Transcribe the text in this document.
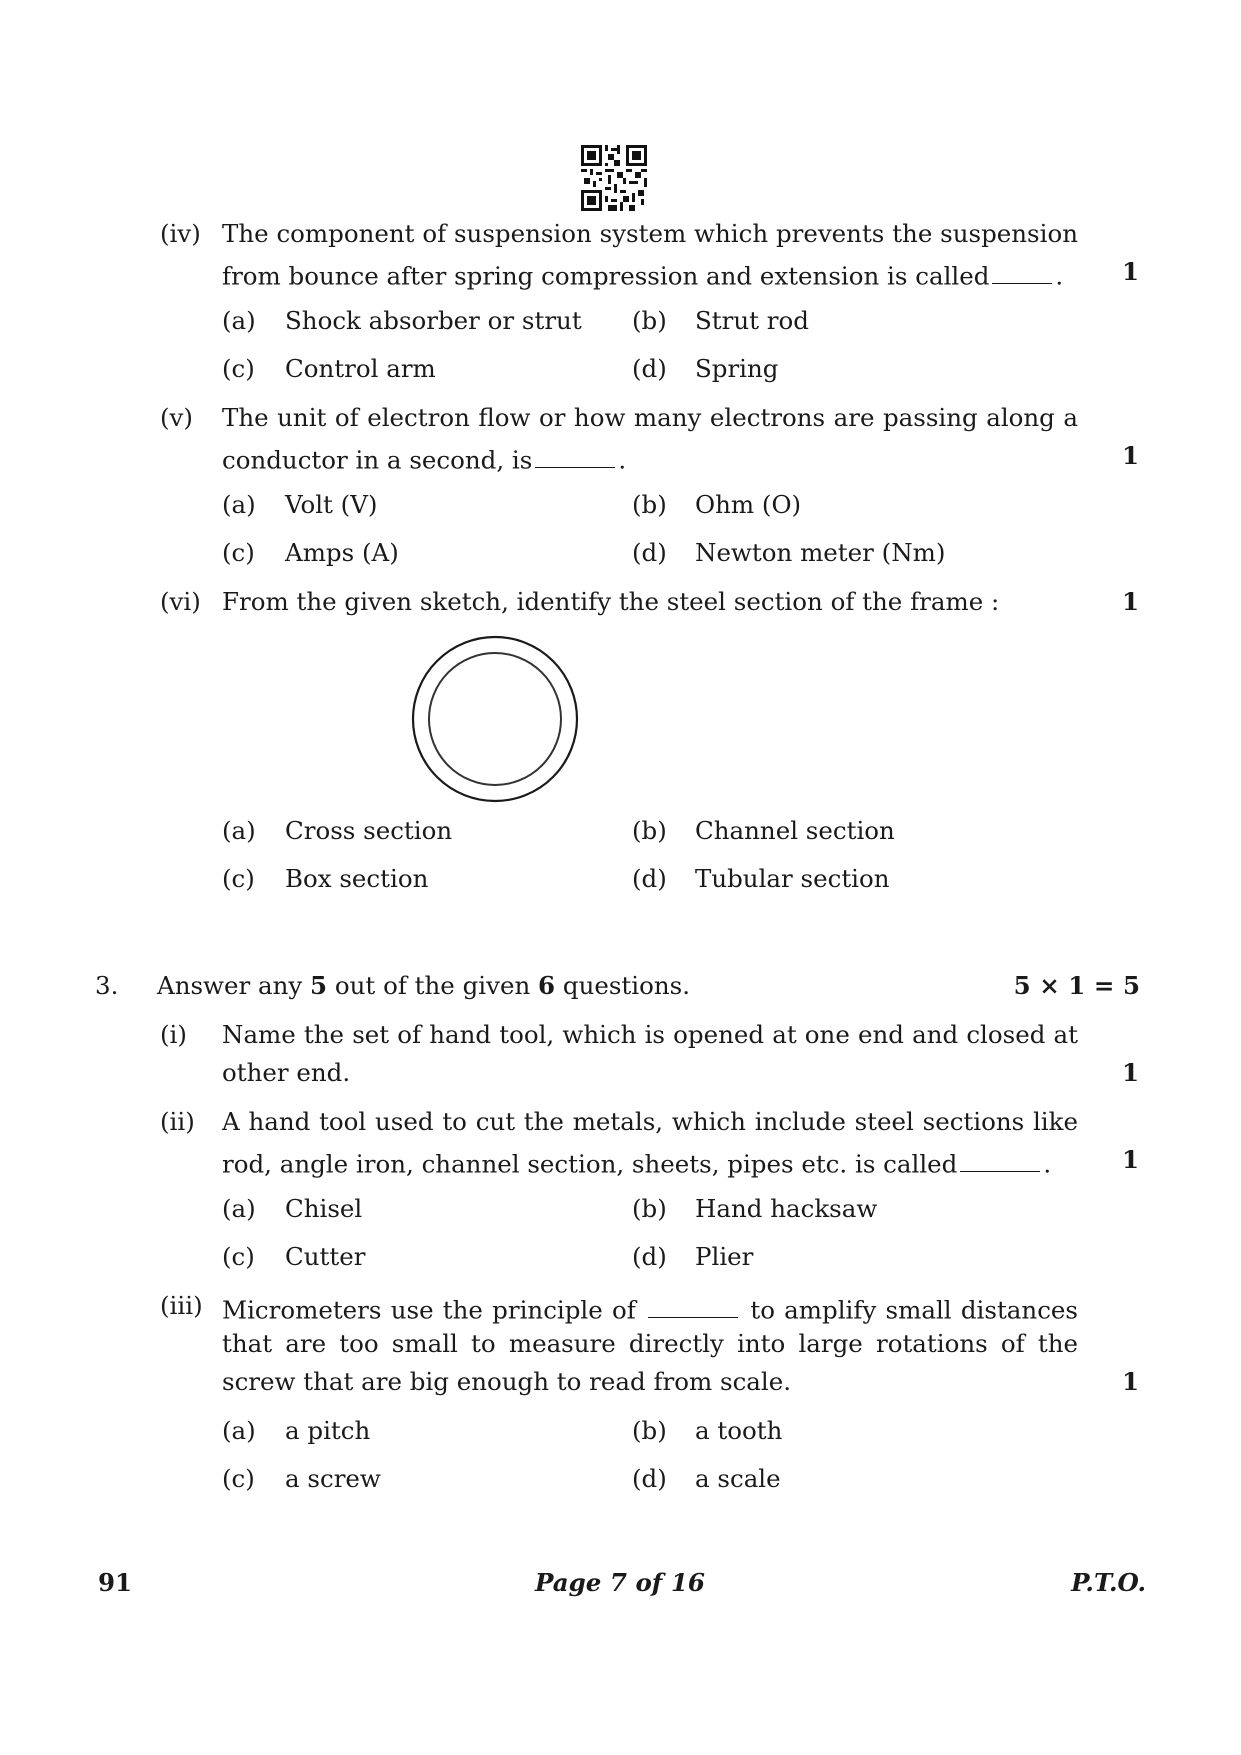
(iv) The component of suspension system which prevents the suspension
from bounce after spring compression and extension is called	. 1
(a) Shock absorber or strut (b) Strut rod
(c) Control arm	(d) Spring
(v) The unit of electron flow or how many electrons are passing along a
conductor in a second, is	.	1
(a) Volt (V)	(b) Ohm (O)
(c) Amps (A)	(d) Newton meter (Nm)
(vi) From the given sketch, identify the steel section of the frame :	1
(a) Cross section	(b) Channel section
(c) Box section	(d) Tubular section
3. Answer any 5 out of the given 6 questions.	5 × 1 = 5
(i) Name the set of hand tool, which is opened at one end and closed at
other end.	1
(ii) A hand tool used to cut the metals, which include steel sections like
rod, angle iron, channel section, sheets, pipes etc. is called	.	1
(a) Chisel	(b) Hand hacksaw
(c) Cutter	(d) Plier
(iii) Micrometers use the principle of	to amplify small distances
that are too small to measure directly into large rotations of the
screw that are big enough to read from scale.	1
(a) a pitch	(b) a tooth
(c) a screw	(d) a scale
91	Page 7 of 16	P.T.O.
